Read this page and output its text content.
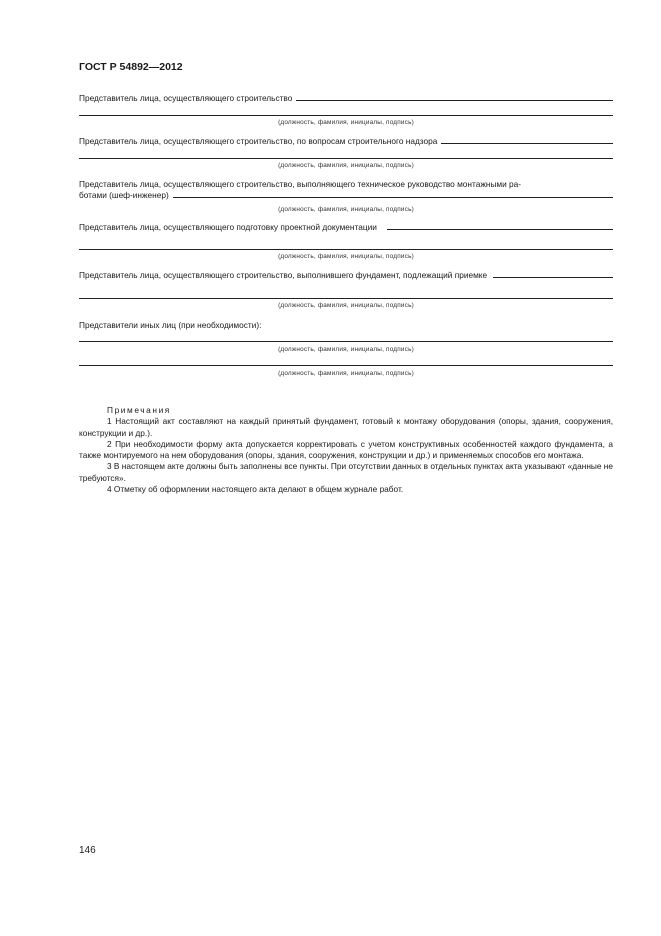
ГОСТ Р 54892—2012
Представитель лица, осуществляющего строительство
(должность, фамилия, инициалы, подпись)
Представитель лица, осуществляющего строительство, по вопросам строительного надзора
(должность, фамилия, инициалы, подпись)
Представитель лица, осуществляющего строительство, выполняющего техническое руководство монтажными ра-
ботами (шеф-инженер)
(должность, фамилия, инициалы, подпись)
Представитель лица, осуществляющего подготовку проектной документации
(должность, фамилия, инициалы, подпись)
Представитель лица, осуществляющего строительство, выполнившего фундамент, подлежащий приемке
(должность, фамилия, инициалы, подпись)
Представители иных лиц (при необходимости):
(должность, фамилия, инициалы, подпись)
(должность, фамилия, инициалы, подпись)
Примечания
1 Настоящий акт составляют на каждый принятый фундамент, готовый к монтажу оборудования (опоры, здания, сооружения, конструкции и др.).
2 При необходимости форму акта допускается корректировать с учетом конструктивных особенностей каждого фундамента, а также монтируемого на нем оборудования (опоры, здания, сооружения, конструкции и др.) и применяемых способов его монтажа.
3 В настоящем акте должны быть заполнены все пункты. При отсутствии данных в отдельных пунктах акта указывают «данные не требуются».
4 Отметку об оформлении настоящего акта делают в общем журнале работ.
146
